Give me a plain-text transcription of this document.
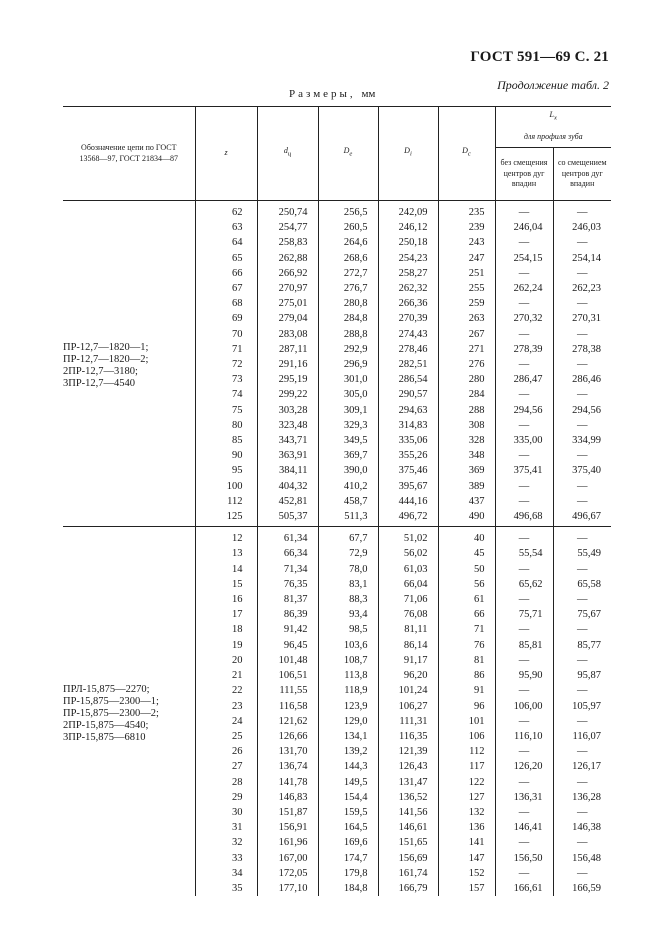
ГОСТ 591—69 С. 21
Продолжение табл. 2
Размеры, мм
Обозначение цепи по ГОСТ 13568—97, ГОСТ 21834—87	z	$d_ц$	$D_e$	$D_i$	$D_c$	$L_x$
						для профиля зуба	
						без смещения центров дуг впадин	со смещением центров дуг впадин
ПР-12,7—1820—1;
ПР-12,7—1820—2;
2ПР-12,7—3180;
3ПР-12,7—4540	62	250,74	256,5	242,09	235	—	—
	63	254,77	260,5	246,12	239	246,04	246,03
	64	258,83	264,6	250,18	243	—	—
	65	262,88	268,6	254,23	247	254,15	254,14
	66	266,92	272,7	258,27	251	—	—
	67	270,97	276,7	262,32	255	262,24	262,23
	68	275,01	280,8	266,36	259	—	—
	69	279,04	284,8	270,39	263	270,32	270,31
	70	283,08	288,8	274,43	267	—	—
	71	287,11	292,9	278,46	271	278,39	278,38
	72	291,16	296,9	282,51	276	—	—
	73	295,19	301,0	286,54	280	286,47	286,46
	74	299,22	305,0	290,57	284	—	—
	75	303,28	309,1	294,63	288	294,56	294,56
	80	323,48	329,3	314,83	308	—	—
	85	343,71	349,5	335,06	328	335,00	334,99
	90	363,91	369,7	355,26	348	—	—
	95	384,11	390,0	375,46	369	375,41	375,40
	100	404,32	410,2	395,67	389	—	—
	112	452,81	458,7	444,16	437	—	—
	125	505,37	511,3	496,72	490	496,68	496,67
ПРЛ-15,875—2270;
ПР-15,875—2300—1;
ПР-15,875—2300—2;
2ПР-15,875—4540;
3ПР-15,875—6810	12	61,34	67,7	51,02	40	—	—
	13	66,34	72,9	56,02	45	55,54	55,49
	14	71,34	78,0	61,03	50	—	—
	15	76,35	83,1	66,04	56	65,62	65,58
	16	81,37	88,3	71,06	61	—	—
	17	86,39	93,4	76,08	66	75,71	75,67
	18	91,42	98,5	81,11	71	—	—
	19	96,45	103,6	86,14	76	85,81	85,77
	20	101,48	108,7	91,17	81	—	—
	21	106,51	113,8	96,20	86	95,90	95,87
	22	111,55	118,9	101,24	91	—	—
	23	116,58	123,9	106,27	96	106,00	105,97
	24	121,62	129,0	111,31	101	—	—
	25	126,66	134,1	116,35	106	116,10	116,07
	26	131,70	139,2	121,39	112	—	—
	27	136,74	144,3	126,43	117	126,20	126,17
	28	141,78	149,5	131,47	122	—	—
	29	146,83	154,4	136,52	127	136,31	136,28
	30	151,87	159,5	141,56	132	—	—
	31	156,91	164,5	146,61	136	146,41	146,38
	32	161,96	169,6	151,65	141	—	—
	33	167,00	174,7	156,69	147	156,50	156,48
	34	172,05	179,8	161,74	152	—	—
	35	177,10	184,8	166,79	157	166,61	166,59
